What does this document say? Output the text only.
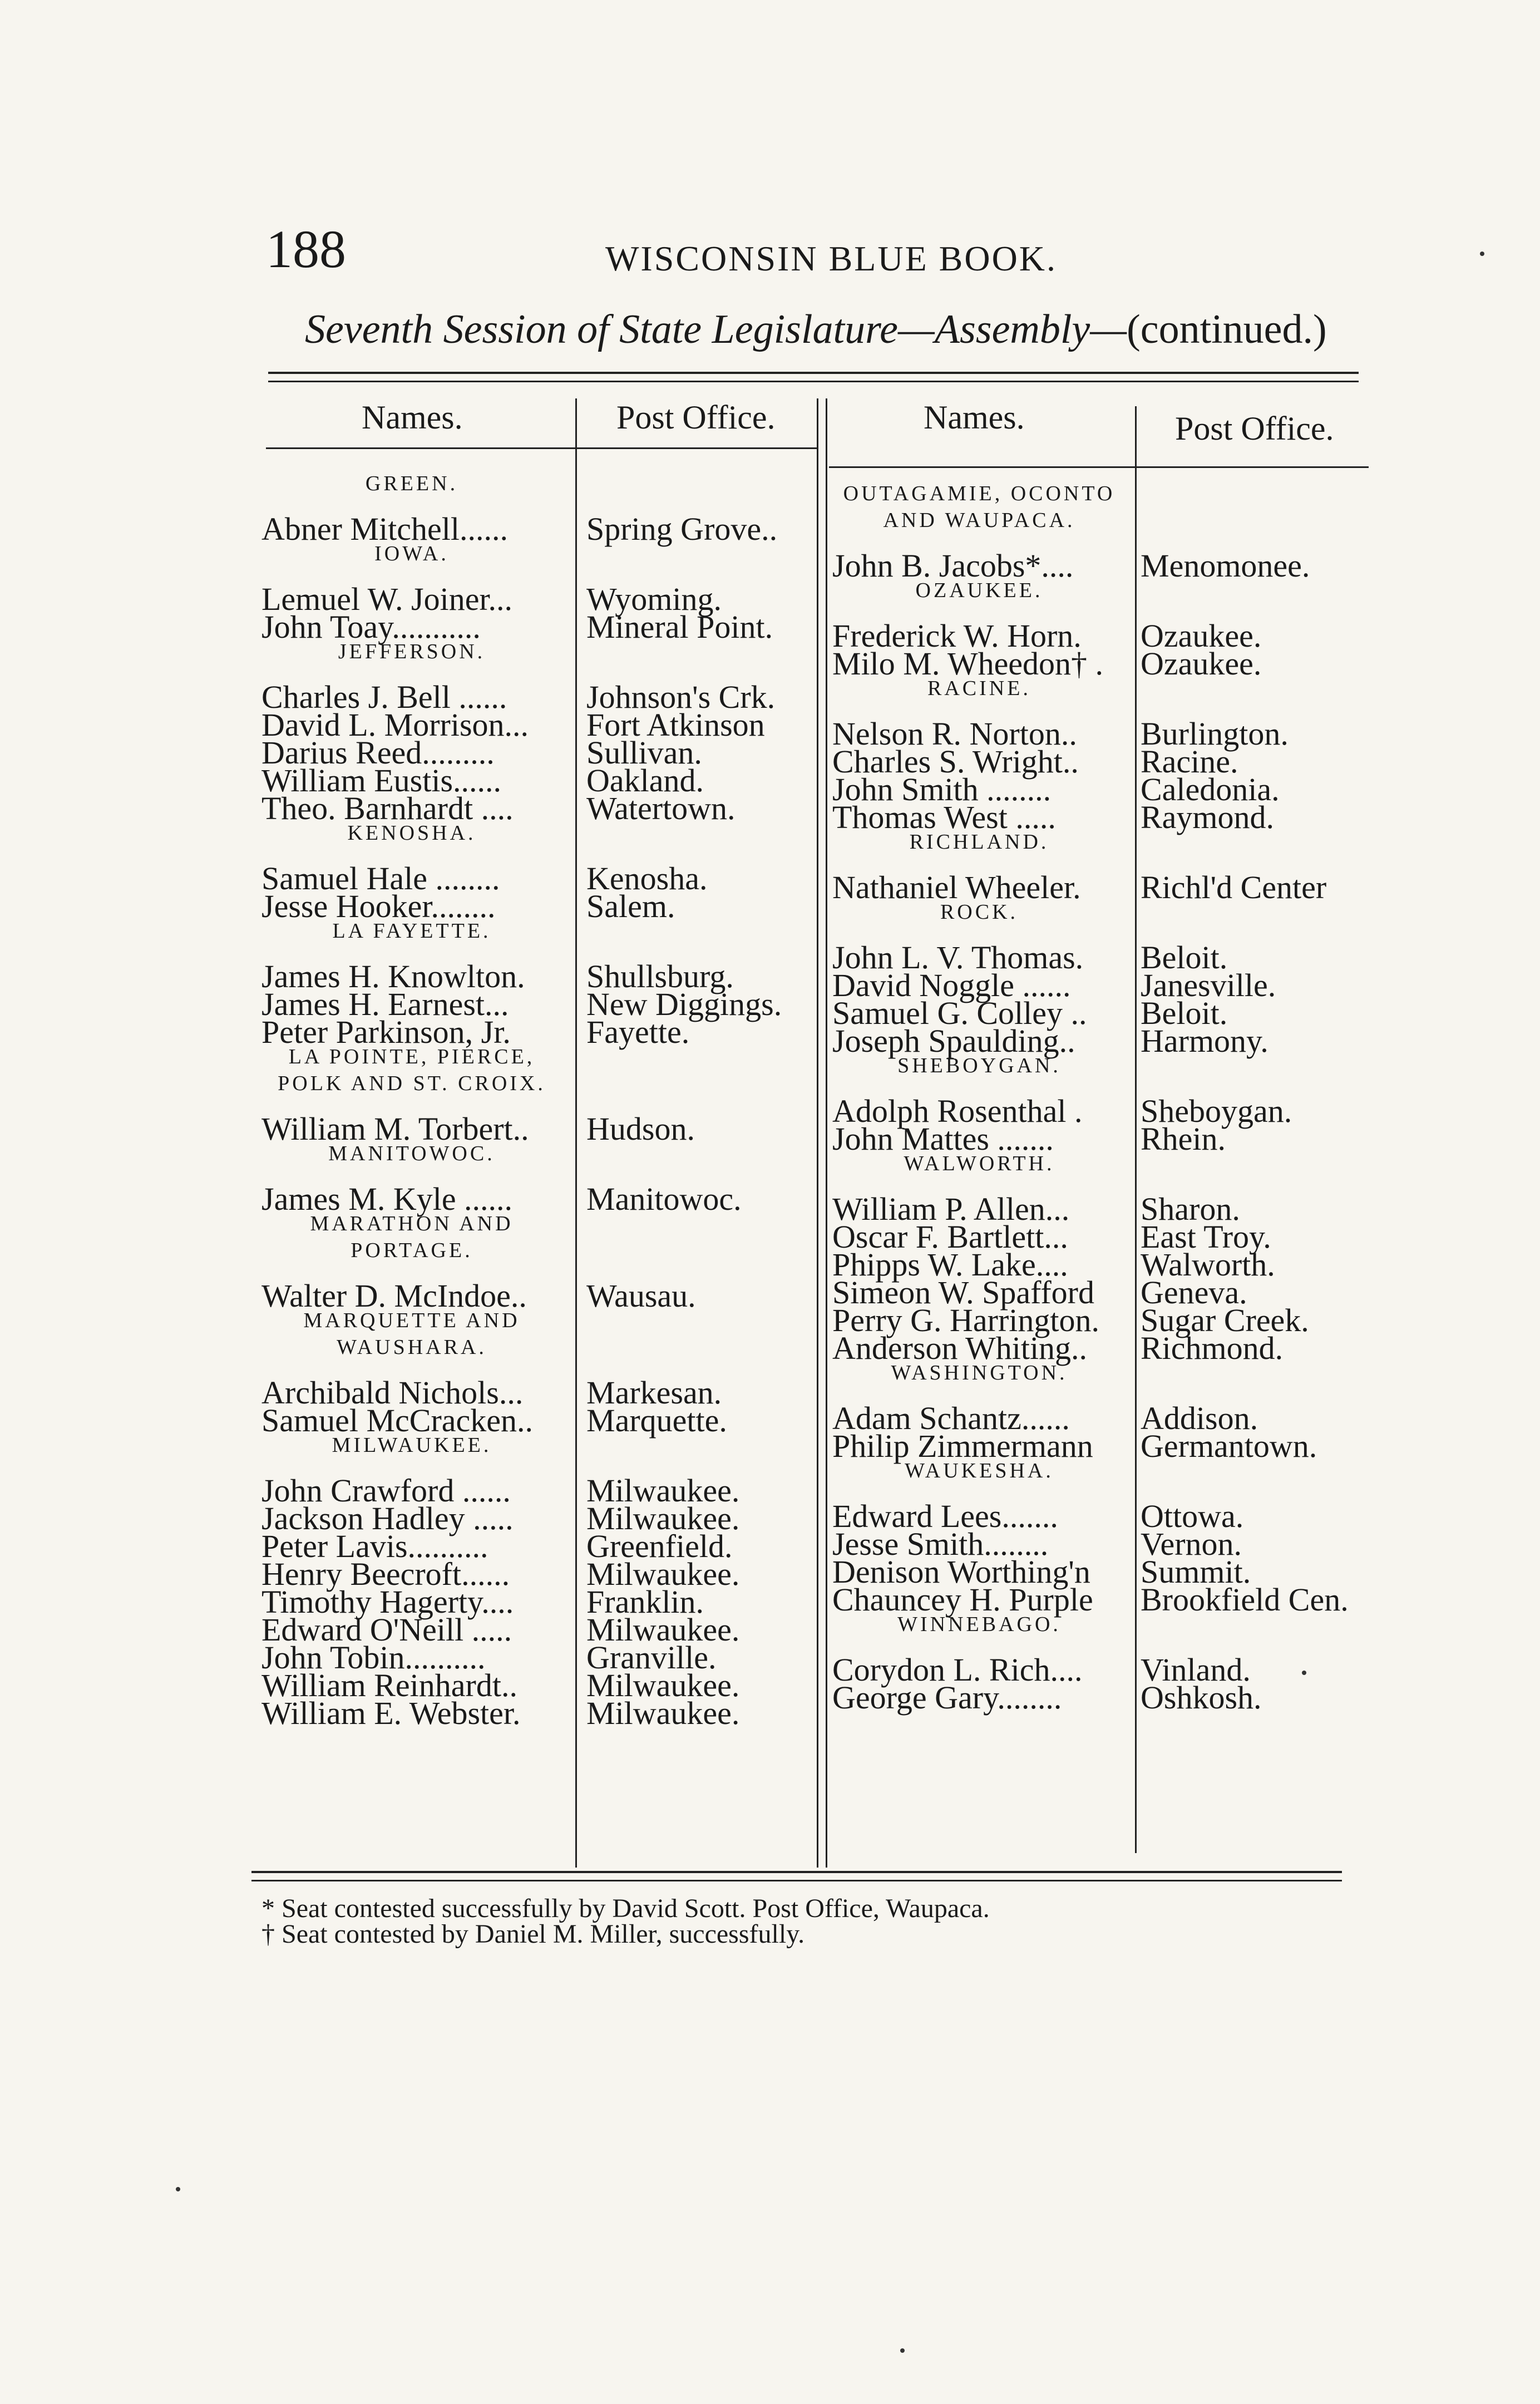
188	WISCONSIN BLUE BOOK.
Seventh Session of State Legislature—Assembly—(continued.)
Names.	Post Office.	Names.	Post Office.
GREEN.
Abner Mitchell...... Spring Grove..
IOWA.
Lemuel W. Joiner... Wyoming.
John Toay...........	Mineral Point.
JEFFERSON.
Charles J. Bell ...... Johnson's Crk.
David L. Morrison... Fort Atkinson
Darius Reed.........	Sullivan.
William Eustis......	Oakland.
Theo. Barnhardt .... Watertown.
KENOSHA.
Samuel Hale ........	Kenosha.
Jesse Hooker........	Salem.
LA FAYETTE.
James H. Knowlton. Shullsburg.
James H. Earnest... New Diggings.
Peter Parkinson, Jr. Fayette.
LA POINTE, PIERCE,
POLK AND ST. CROIX.
William M. Torbert.. Hudson.
MANITOWOC.
James M. Kyle ...... Manitowoc.
MARATHON AND
PORTAGE.
Walter D. McIndoe.. Wausau.
MARQUETTE AND
WAUSHARA.
Archibald Nichols... Markesan.
Samuel McCracken.. Marquette.
MILWAUKEE.
John Crawford ...... Milwaukee.
Jackson Hadley ..... Milwaukee.
Peter Lavis..........	Greenfield.
Henry Beecroft...... Milwaukee.
Timothy Hagerty.... Franklin.
Edward O'Neill ..... Milwaukee.
John Tobin..........	Granville.
William Reinhardt.. Milwaukee.
William E. Webster. Milwaukee.
OUTAGAMIE, OCONTO
AND WAUPACA.
John B. Jacobs*.... Menomonee.
OZAUKEE.
Frederick W. Horn. Ozaukee.
Milo M. Wheedon† . Ozaukee.
RACINE.
Nelson R. Norton.. Burlington.
Charles S. Wright.. Racine.
John Smith ........	Caledonia.
Thomas West .....	Raymond.
RICHLAND.
Nathaniel Wheeler. Richl'd Center
ROCK.
John L. V. Thomas. Beloit.
David Noggle ...... Janesville.
Samuel G. Colley .. Beloit.
Joseph Spaulding.. Harmony.
SHEBOYGAN.
Adolph Rosenthal . Sheboygan.
John Mattes .......	Rhein.
WALWORTH.
William P. Allen... Sharon.
Oscar F. Bartlett... East Troy.
Phipps W. Lake.... Walworth.
Simeon W. Spafford Geneva.
Perry G. Harrington. Sugar Creek.
Anderson Whiting.. Richmond.
WASHINGTON.
Adam Schantz...... Addison.
Philip Zimmermann Germantown.
WAUKESHA.
Edward Lees.......	Ottowa.
Jesse Smith........	Vernon.
Denison Worthing'n Summit.
Chauncey H. Purple Brookfield Cen.
WINNEBAGO.
Corydon L. Rich.... Vinland.
George Gary........ Oshkosh.
* Seat contested successfully by David Scott. Post Office, Waupaca.
† Seat contested by Daniel M. Miller, successfully.
